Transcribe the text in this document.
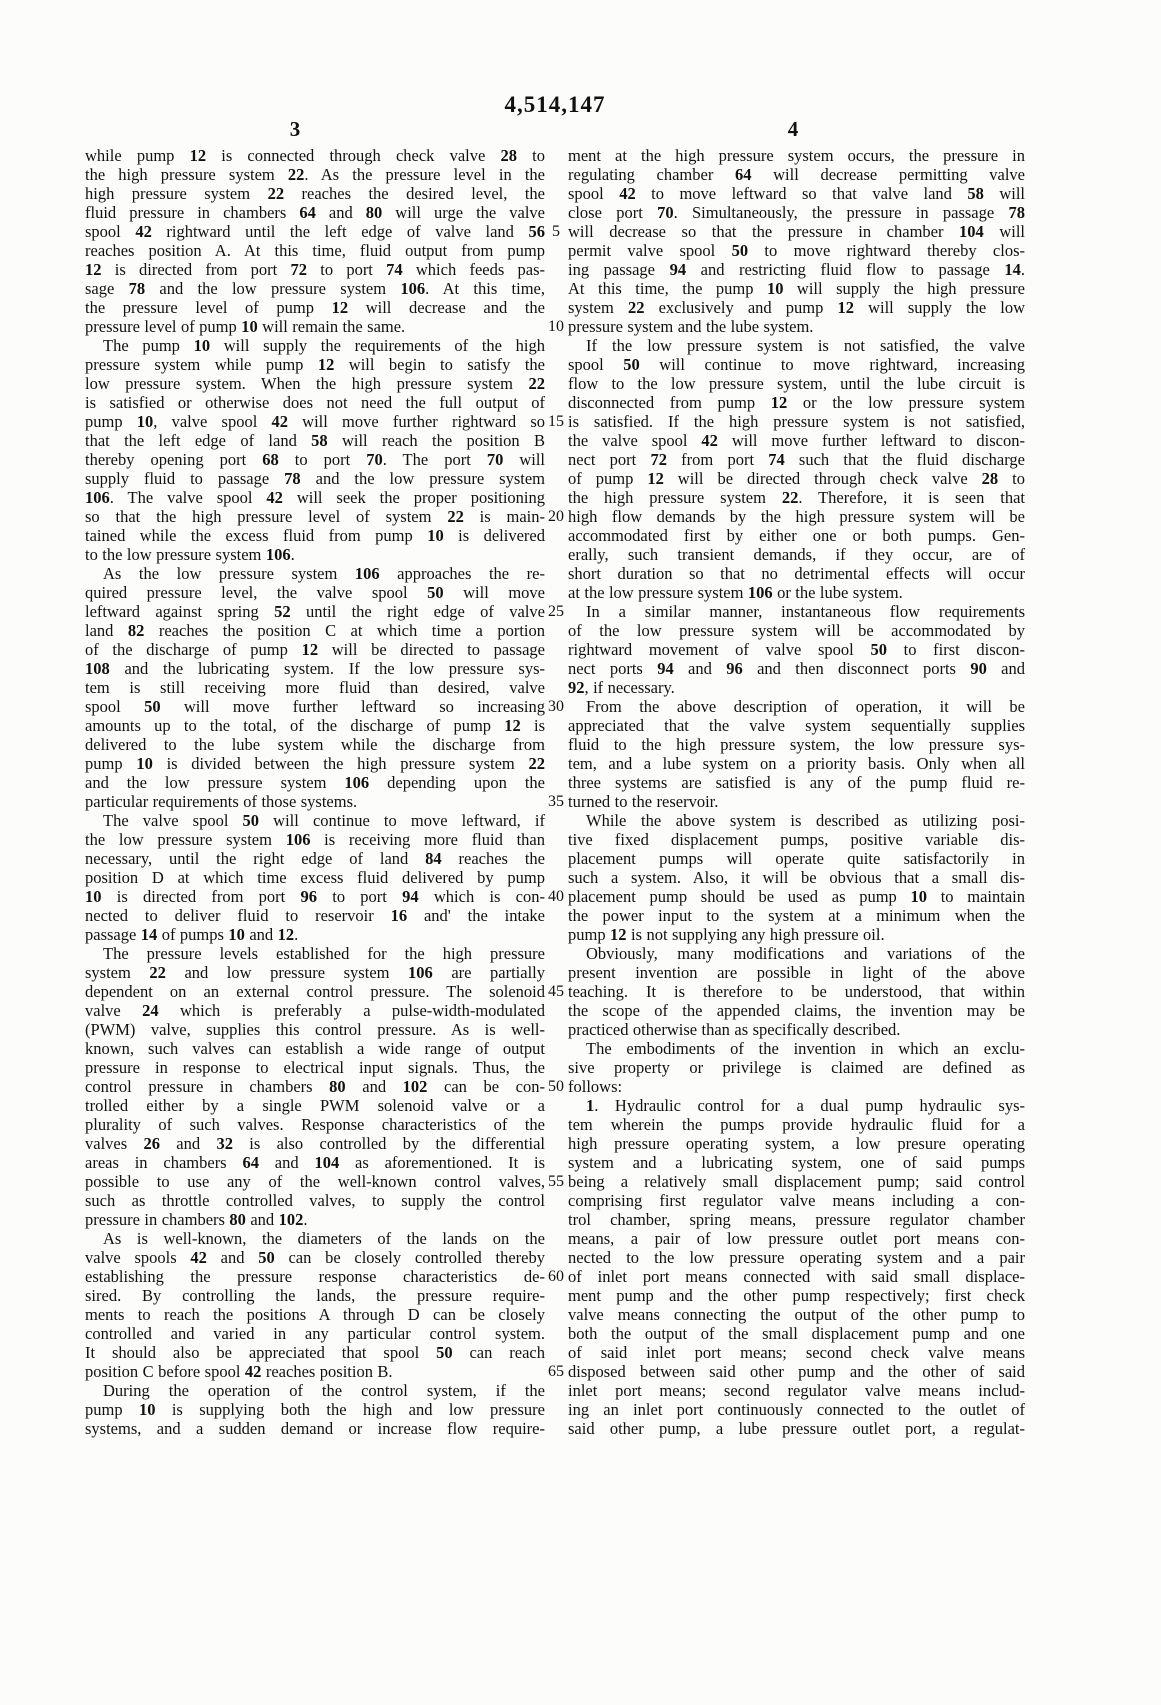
4,514,147
3	4
while pump 12 is connected through check valve 28 to
the high pressure system 22. As the pressure level in the
high pressure system 22 reaches the desired level, the
fluid pressure in chambers 64 and 80 will urge the valve
spool 42 rightward until the left edge of valve land 56
reaches position A. At this time, fluid output from pump
12 is directed from port 72 to port 74 which feeds pas-
sage 78 and the low pressure system 106. At this time,
the pressure level of pump 12 will decrease and the
pressure level of pump 10 will remain the same.
The pump 10 will supply the requirements of the high
pressure system while pump 12 will begin to satisfy the
low pressure system. When the high pressure system 22
is satisfied or otherwise does not need the full output of
pump 10, valve spool 42 will move further rightward so
that the left edge of land 58 will reach the position B
thereby opening port 68 to port 70. The port 70 will
supply fluid to passage 78 and the low pressure system
106. The valve spool 42 will seek the proper positioning
so that the high pressure level of system 22 is main-
tained while the excess fluid from pump 10 is delivered
to the low pressure system 106.
As the low pressure system 106 approaches the re-
quired pressure level, the valve spool 50 will move
leftward against spring 52 until the right edge of valve
land 82 reaches the position C at which time a portion
of the discharge of pump 12 will be directed to passage
108 and the lubricating system. If the low pressure sys-
tem is still receiving more fluid than desired, valve
spool 50 will move further leftward so increasing
amounts up to the total, of the discharge of pump 12 is
delivered to the lube system while the discharge from
pump 10 is divided between the high pressure system 22
and the low pressure system 106 depending upon the
particular requirements of those systems.
The valve spool 50 will continue to move leftward, if
the low pressure system 106 is receiving more fluid than
necessary, until the right edge of land 84 reaches the
position D at which time excess fluid delivered by pump
10 is directed from port 96 to port 94 which is con-
nected to deliver fluid to reservoir 16 and' the intake
passage 14 of pumps 10 and 12.
The pressure levels established for the high pressure
system 22 and low pressure system 106 are partially
dependent on an external control pressure. The solenoid
valve 24 which is preferably a pulse-width-modulated
(PWM) valve, supplies this control pressure. As is well-
known, such valves can establish a wide range of output
pressure in response to electrical input signals. Thus, the
control pressure in chambers 80 and 102 can be con-
trolled either by a single PWM solenoid valve or a
plurality of such valves. Response characteristics of the
valves 26 and 32 is also controlled by the differential
areas in chambers 64 and 104 as aforementioned. It is
possible to use any of the well-known control valves,
such as throttle controlled valves, to supply the control
pressure in chambers 80 and 102.
As is well-known, the diameters of the lands on the
valve spools 42 and 50 can be closely controlled thereby
establishing the pressure response characteristics de-
sired. By controlling the lands, the pressure require-
ments to reach the positions A through D can be closely
controlled and varied in any particular control system.
It should also be appreciated that spool 50 can reach
position C before spool 42 reaches position B.
During the operation of the control system, if the
pump 10 is supplying both the high and low pressure
systems, and a sudden demand or increase flow require-
ment at the high pressure system occurs, the pressure in
regulating chamber 64 will decrease permitting valve
spool 42 to move leftward so that valve land 58 will
close port 70. Simultaneously, the pressure in passage 78
will decrease so that the pressure in chamber 104 will
permit valve spool 50 to move rightward thereby clos-
ing passage 94 and restricting fluid flow to passage 14.
At this time, the pump 10 will supply the high pressure
system 22 exclusively and pump 12 will supply the low
pressure system and the lube system.
If the low pressure system is not satisfied, the valve
spool 50 will continue to move rightward, increasing
flow to the low pressure system, until the lube circuit is
disconnected from pump 12 or the low pressure system
is satisfied. If the high pressure system is not satisfied,
the valve spool 42 will move further leftward to discon-
nect port 72 from port 74 such that the fluid discharge
of pump 12 will be directed through check valve 28 to
the high pressure system 22. Therefore, it is seen that
high flow demands by the high pressure system will be
accommodated first by either one or both pumps. Gen-
erally, such transient demands, if they occur, are of
short duration so that no detrimental effects will occur
at the low pressure system 106 or the lube system.
In a similar manner, instantaneous flow requirements
of the low pressure system will be accommodated by
rightward movement of valve spool 50 to first discon-
nect ports 94 and 96 and then disconnect ports 90 and
92, if necessary.
From the above description of operation, it will be
appreciated that the valve system sequentially supplies
fluid to the high pressure system, the low pressure sys-
tem, and a lube system on a priority basis. Only when all
three systems are satisfied is any of the pump fluid re-
turned to the reservoir.
While the above system is described as utilizing posi-
tive fixed displacement pumps, positive variable dis-
placement pumps will operate quite satisfactorily in
such a system. Also, it will be obvious that a small dis-
placement pump should be used as pump 10 to maintain
the power input to the system at a minimum when the
pump 12 is not supplying any high pressure oil.
Obviously, many modifications and variations of the
present invention are possible in light of the above
teaching. It is therefore to be understood, that within
the scope of the appended claims, the invention may be
practiced otherwise than as specifically described.
The embodiments of the invention in which an exclu-
sive property or privilege is claimed are defined as
follows:
1. Hydraulic control for a dual pump hydraulic sys-
tem wherein the pumps provide hydraulic fluid for a
high pressure operating system, a low presure operating
system and a lubricating system, one of said pumps
being a relatively small displacement pump; said control
comprising first regulator valve means including a con-
trol chamber, spring means, pressure regulator chamber
means, a pair of low pressure outlet port means con-
nected to the low pressure operating system and a pair
of inlet port means connected with said small displace-
ment pump and the other pump respectively; first check
valve means connecting the output of the other pump to
both the output of the small displacement pump and one
of said inlet port means; second check valve means
disposed between said other pump and the other of said
inlet port means; second regulator valve means includ-
ing an inlet port continuously connected to the outlet of
said other pump, a lube pressure outlet port, a regulat-
5
10
15
20
25
30
35
40
45
50
55
60
65
